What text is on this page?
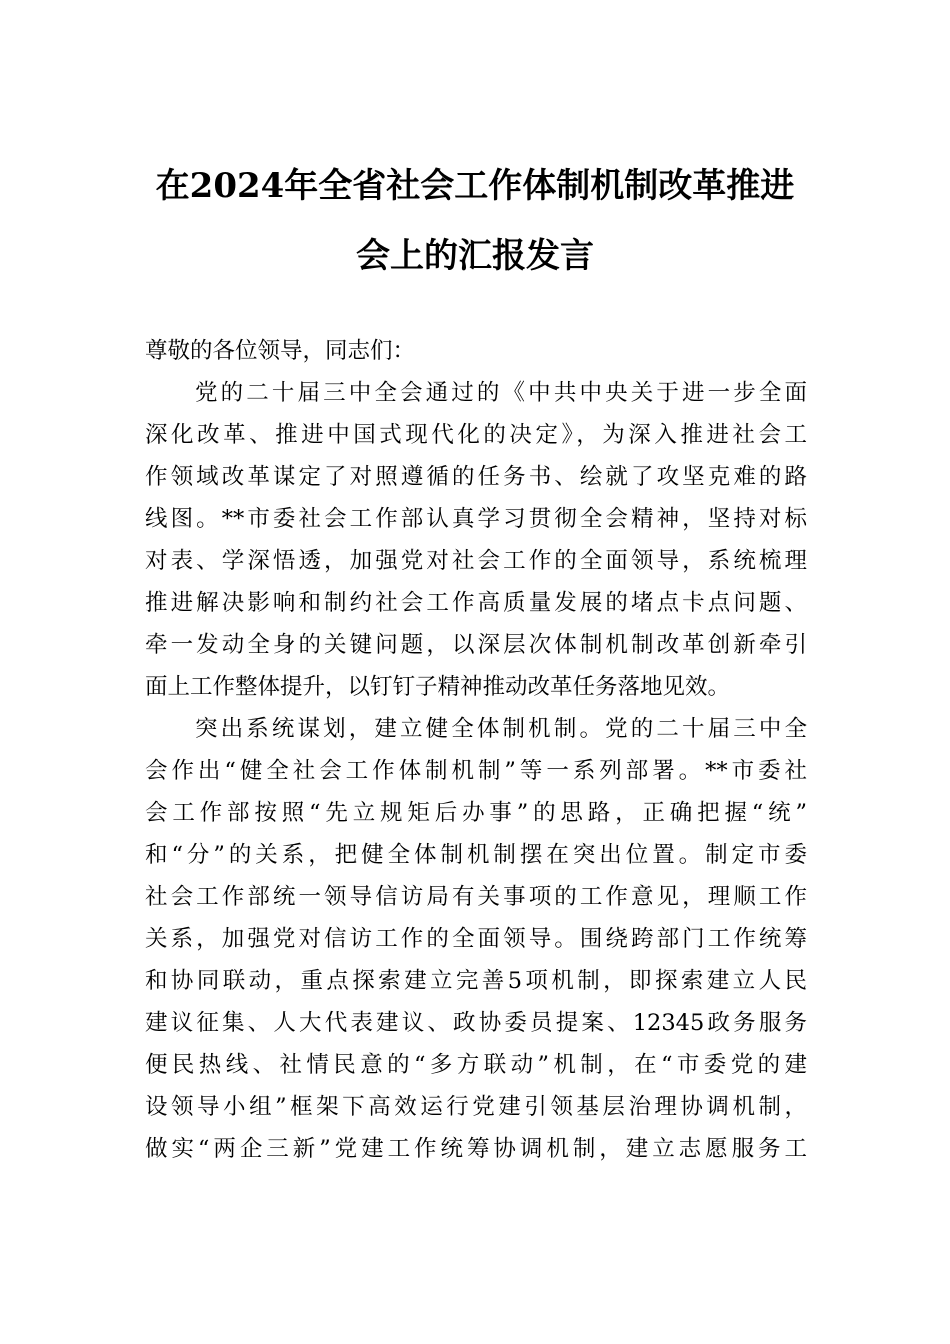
在2024年全省社会工作体制机制改革推进
会上的汇报发言
尊敬的各位领导，同志们：
党的二十届三中全会通过的《中共中央关于进一步全面
深化改革、推进中国式现代化的决定》，为深入推进社会工
作领域改革谋定了对照遵循的任务书、绘就了攻坚克难的路
线图。**市委社会工作部认真学习贯彻全会精神，坚持对标
对表、学深悟透，加强党对社会工作的全面领导，系统梳理
推进解决影响和制约社会工作高质量发展的堵点卡点问题、
牵一发动全身的关键问题，以深层次体制机制改革创新牵引
面上工作整体提升，以钉钉子精神推动改革任务落地见效。
突出系统谋划，建立健全体制机制。党的二十届三中全
会作出“健全社会工作体制机制”等一系列部署。**市委社
会工作部按照“先立规矩后办事”的思路，正确把握“统”
和“分”的关系，把健全体制机制摆在突出位置。制定市委
社会工作部统一领导信访局有关事项的工作意见，理顺工作
关系，加强党对信访工作的全面领导。围绕跨部门工作统筹
和协同联动，重点探索建立完善5项机制，即探索建立人民
建议征集、人大代表建议、政协委员提案、12345政务服务
便民热线、社情民意的“多方联动”机制，在“市委党的建
设领导小组”框架下高效运行党建引领基层治理协调机制，
做实“两企三新”党建工作统筹协调机制，建立志愿服务工
